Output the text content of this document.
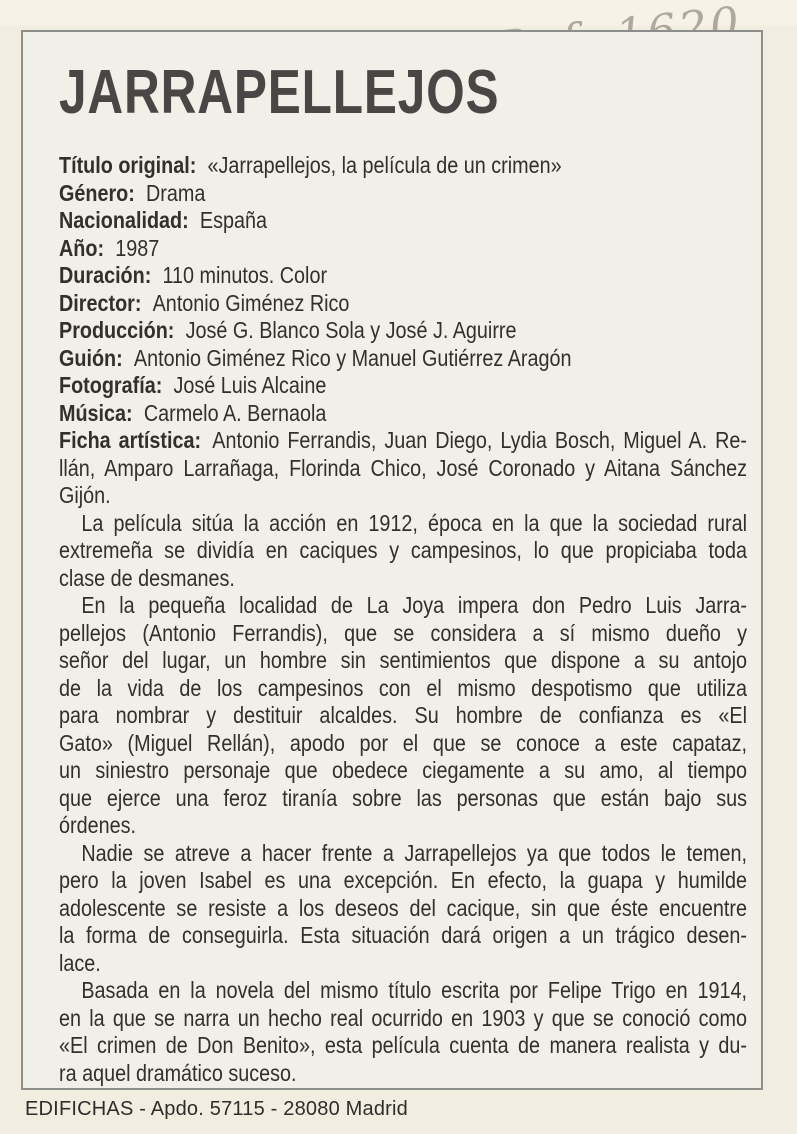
JARRAPELLEJOS
Título original: «Jarrapellejos, la película de un crimen»
Género: Drama
Nacionalidad: España
Año: 1987
Duración: 110 minutos. Color
Director: Antonio Giménez Rico
Producción: José G. Blanco Sola y José J. Aguirre
Guión: Antonio Giménez Rico y Manuel Gutiérrez Aragón
Fotografía: José Luis Alcaine
Música: Carmelo A. Bernaola
Ficha artística: Antonio Ferrandis, Juan Diego, Lydia Bosch, Miguel A. Re-
llán, Amparo Larrañaga, Florinda Chico, José Coronado y Aitana Sánchez
Gijón.
La película sitúa la acción en 1912, época en la que la sociedad rural
extremeña se dividía en caciques y campesinos, lo que propiciaba toda
clase de desmanes.
En la pequeña localidad de La Joya impera don Pedro Luis Jarra-
pellejos (Antonio Ferrandis), que se considera a sí mismo dueño y
señor del lugar, un hombre sin sentimientos que dispone a su antojo
de la vida de los campesinos con el mismo despotismo que utiliza
para nombrar y destituir alcaldes. Su hombre de confianza es «El
Gato» (Miguel Rellán), apodo por el que se conoce a este capataz,
un siniestro personaje que obedece ciegamente a su amo, al tiempo
que ejerce una feroz tiranía sobre las personas que están bajo sus
órdenes.
Nadie se atreve a hacer frente a Jarrapellejos ya que todos le temen,
pero la joven Isabel es una excepción. En efecto, la guapa y humilde
adolescente se resiste a los deseos del cacique, sin que éste encuentre
la forma de conseguirla. Esta situación dará origen a un trágico desen-
lace.
Basada en la novela del mismo título escrita por Felipe Trigo en 1914,
en la que se narra un hecho real ocurrido en 1903 y que se conoció como
«El crimen de Don Benito», esta película cuenta de manera realista y du-
ra aquel dramático suceso.
EDIFICHAS - Apdo. 57115 - 28080 Madrid
